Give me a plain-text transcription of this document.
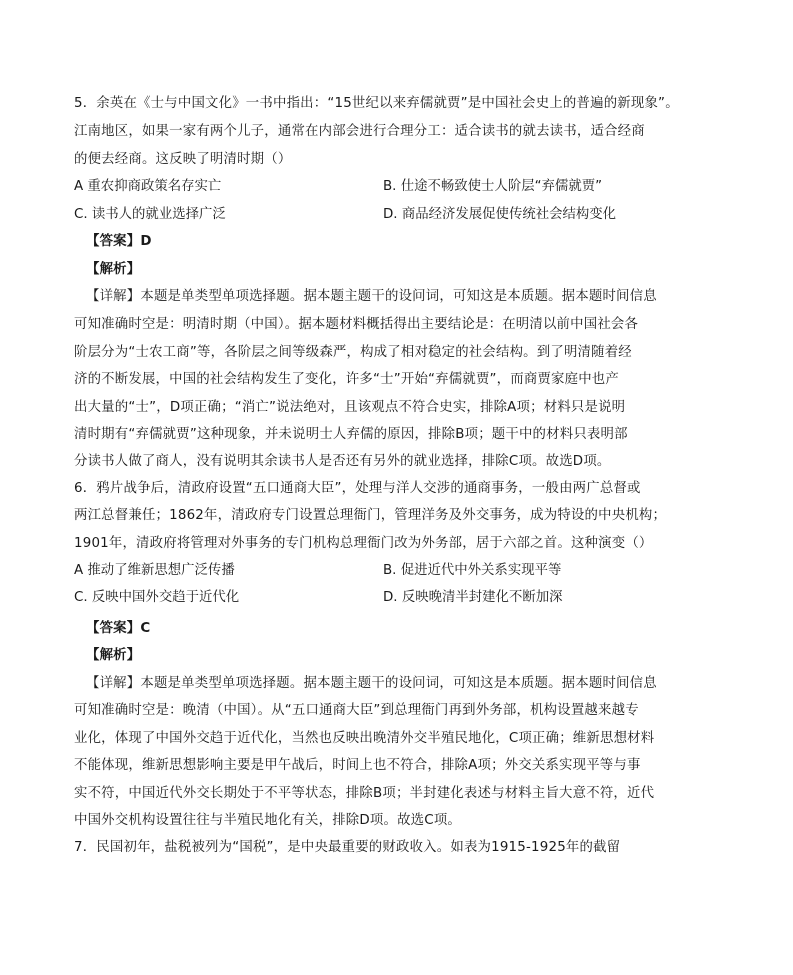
5．余英在《士与中国文化》一书中指出：“15世纪以来弃儒就贾”是中国社会史上的普遍的新现象”。
江南地区，如果一家有两个儿子，通常在内部会进行合理分工：适合读书的就去读书，适合经商
的便去经商。这反映了明清时期（）
A 重农抑商政策名存实亡	B. 仕途不畅致使士人阶层“弃儒就贾”
C. 读书人的就业选择广泛	D. 商品经济发展促使传统社会结构变化
【答案】D
【解析】
【详解】本题是单类型单项选择题。据本题主题干的设问词，可知这是本质题。据本题时间信息
可知准确时空是：明清时期（中国）。据本题材料概括得出主要结论是：在明清以前中国社会各
阶层分为“士农工商”等，各阶层之间等级森严，构成了相对稳定的社会结构。到了明清随着经
济的不断发展，中国的社会结构发生了变化，许多“士”开始“弃儒就贾”，而商贾家庭中也产
出大量的“士”，D项正确；“消亡”说法绝对，且该观点不符合史实，排除A项；材料只是说明
清时期有“弃儒就贾”这种现象，并未说明士人弃儒的原因，排除B项；题干中的材料只表明部
分读书人做了商人，没有说明其余读书人是否还有另外的就业选择，排除C项。故选D项。
6．鸦片战争后，清政府设置“五口通商大臣”，处理与洋人交涉的通商事务，一般由两广总督或
两江总督兼任；1862年，清政府专门设置总理衙门，管理洋务及外交事务，成为特设的中央机构；
1901年，清政府将管理对外事务的专门机构总理衙门改为外务部，居于六部之首。这种演变（）
A 推动了维新思想广泛传播	B. 促进近代中外关系实现平等
C. 反映中国外交趋于近代化	D. 反映晚清半封建化不断加深
【答案】C
【解析】
【详解】本题是单类型单项选择题。据本题主题干的设问词，可知这是本质题。据本题时间信息
可知准确时空是：晚清（中国）。从“五口通商大臣”到总理衙门再到外务部，机构设置越来越专
业化，体现了中国外交趋于近代化，当然也反映出晚清外交半殖民地化，C项正确；维新思想材料
不能体现，维新思想影响主要是甲午战后，时间上也不符合，排除A项；外交关系实现平等与事
实不符，中国近代外交长期处于不平等状态，排除B项；半封建化表述与材料主旨大意不符，近代
中国外交机构设置往往与半殖民地化有关，排除D项。故选C项。
7．民国初年，盐税被列为“国税”，是中央最重要的财政收入。如表为1915-1925年的截留
